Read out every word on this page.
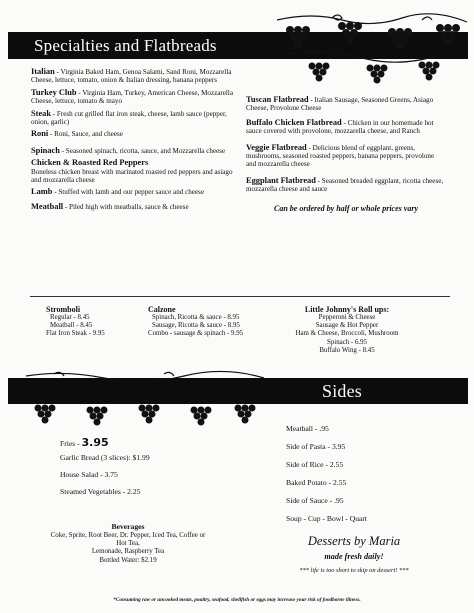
Specialties and Flatbreads
Italian - Virginia Baked Ham, Genoa Salami, Sand Roni, Mozzarella Cheese, lettuce, tomato, onion & Italian dressing, banana peppers
Turkey Club - Virginia Ham, Turkey, American Cheese, Mozzarella Cheese, lettuce, tomato & mayo
Steak - Fresh cut grilled flat iron steak, cheese, lamb sauce (pepper, onion, garlic)
Roni - Roni, Sauce, and cheese
Spinach - Seasoned spinach, ricotta, sauce, and Mozzarella cheese
Chicken & Roasted Red Peppers
Boneless chicken breast with marinated roasted red peppers and asiago and mozzarella cheese
Lamb - Stuffed with lamb and our pepper sauce and cheese
Meatball - Piled high with meatballs, sauce & cheese
Tuscan Flatbread - Italian Sausage, Seasoned Greens, Asiago Cheese, Provolone Cheese
Buffalo Chicken Flatbread - Chicken in our homemade hot sauce covered with provolone, mozzarella cheese, and Ranch
Veggie Flatbread - Delicious blend of eggplant, greens, mushrooms, seasoned roasted peppers, banana peppers, provolone and mozzarella cheese
Eggplant Flatbread - Seasoned breaded eggplant, ricotta cheese, mozzarella cheese and sauce
Can be ordered by half or whole prices vary
Stromboli
Regular - 8.45
Meatball - 8.45
Flat Iron Steak - 9.95
Calzone
Spinach, Ricotta & sauce - 8.95
Sausage, Ricotta & sauce - 8.95
Combo - sausage & spinach - 9.95
Little Johnny's Roll ups:
Pepperoni & Cheese
Sausage & Hot Pepper
Ham & Cheese, Broccoli, Mushroom
Spinach - 6.95
Buffalo Wing - 8.45
Sides
Fries - 3.95
Garlic Bread (3 slices): $1.99
House Salad - 3.75
Steamed Vegetables - 2.25
Meatball - .95
Side of Pasta - 3.95
Side of Rice - 2.55
Baked Potato - 2.55
Side of Sauce - .95
Soup - Cup - Bowl - Quart
Beverages
Coke, Sprite, Root Beer, Dr. Pepper, Iced Tea, Coffee or
Hot Tea,
Lemonade, Raspberry Tea
Bottled Water: $2.19
Desserts by Maria
made fresh daily!
*** life is too short to skip on dessert! ***
*Consuming raw or uncooked meats, poultry, seafood, shellfish or eggs may increase your risk of foodborne illness.
